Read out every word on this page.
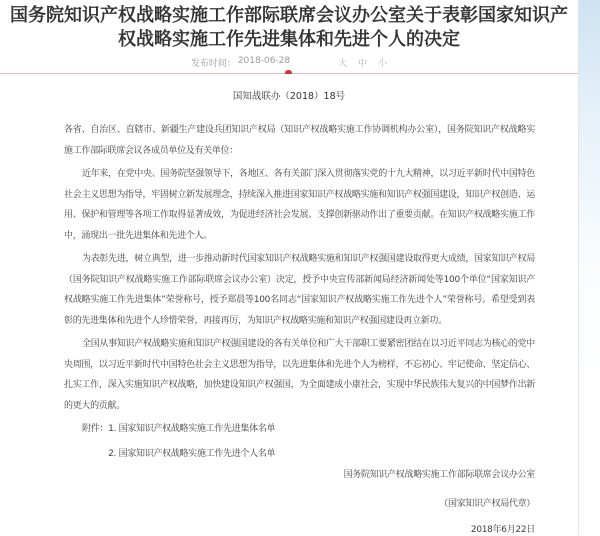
国务院知识产权战略实施工作部际联席会议办公室关于表彰国家知识产权战略实施工作先进集体和先进个人的决定
发布时间： 2018-06-28	大 中 小
国知战联办（2018）18号

各省、自治区、直辖市、新疆生产建设兵团知识产权局（知识产权战略实施工作协调机构办公室），国务院知识产权战略实施工作部际联席会议各成员单位及有关单位：

近年来，在党中央、国务院坚强领导下，各地区、各有关部门深入贯彻落实党的十九大精神，以习近平新时代中国特色社会主义思想为指导，牢固树立新发展理念，持续深入推进国家知识产权战略实施和知识产权强国建设，知识产权创造、运用、保护和管理等各项工作取得显著成效，为促进经济社会发展、支撑创新驱动作出了重要贡献。在知识产权战略实施工作中，涌现出一批先进集体和先进个人。

为表彰先进，树立典型，进一步推动新时代国家知识产权战略实施和知识产权强国建设取得更大成绩，国家知识产权局（国务院知识产权战略实施工作部际联席会议办公室）决定，授予中央宣传部新闻局经济新闻处等100个单位“国家知识产权战略实施工作先进集体”荣誉称号，授予郑晨等100名同志“国家知识产权战略实施工作先进个人”荣誉称号。希望受到表彰的先进集体和先进个人珍惜荣誉，再接再厉，为知识产权战略实施和知识产权强国建设再立新功。

全国从事知识产权战略实施和知识产权强国建设的各有关单位和广大干部职工要紧密团结在以习近平同志为核心的党中央周围，以习近平新时代中国特色社会主义思想为指导，以先进集体和先进个人为榜样，不忘初心、牢记使命、坚定信心、扎实工作，深入实施知识产权战略，加快建设知识产权强国，为全面建成小康社会，实现中华民族伟大复兴的中国梦作出新的更大的贡献。

附件： 1. 国家知识产权战略实施工作先进集体名单
2. 国家知识产权战略实施工作先进个人名单
国务院知识产权战略实施工作部际联席会议办公室
（国家知识产权局代章）
2018年6月22日
